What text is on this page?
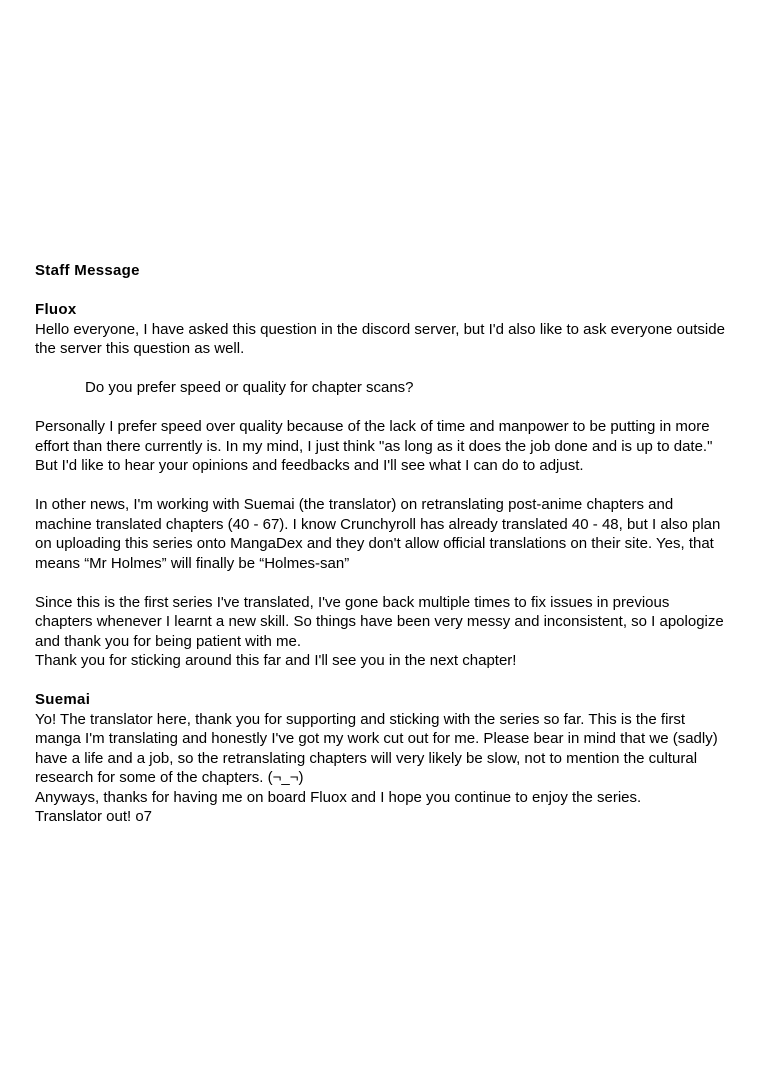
Staff Message
Fluox
Hello everyone, I have asked this question in the discord server, but I'd also like to ask everyone outside the server this question as well.

Do you prefer speed or quality for chapter scans?

Personally I prefer speed over quality because of the lack of time and manpower to be putting in more effort than there currently is. In my mind, I just think "as long as it does the job done and is up to date." But I'd like to hear your opinions and feedbacks and I'll see what I can do to adjust.

In other news, I'm working with Suemai (the translator) on retranslating post-anime chapters and machine translated chapters (40 - 67). I know Crunchyroll has already translated 40 - 48, but I also plan on uploading this series onto MangaDex and they don't allow official translations on their site. Yes, that means “Mr Holmes” will finally be “Holmes-san”

Since this is the first series I've translated, I've gone back multiple times to fix issues in previous chapters whenever I learnt a new skill. So things have been very messy and inconsistent, so I apologize and thank you for being patient with me.
Thank you for sticking around this far and I'll see you in the next chapter!
Suemai
Yo! The translator here, thank you for supporting and sticking with the series so far. This is the first manga I'm translating and honestly I've got my work cut out for me. Please bear in mind that we (sadly) have a life and a job, so the retranslating chapters will very likely be slow, not to mention the cultural research for some of the chapters. (¬_¬)
Anyways, thanks for having me on board Fluox and I hope you continue to enjoy the series.
Translator out! o7
